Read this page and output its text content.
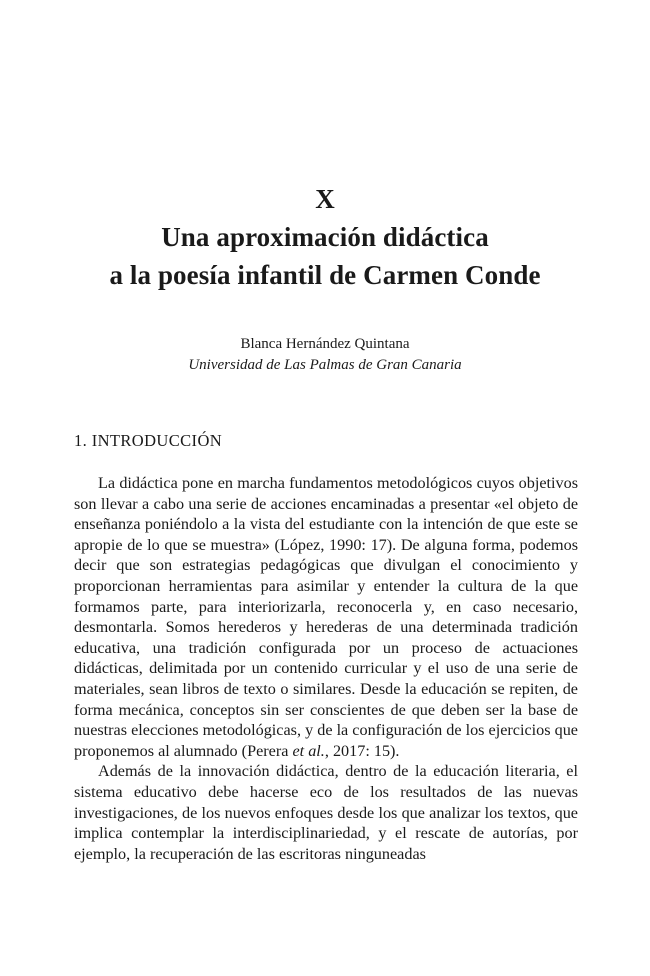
X
Una aproximación didáctica
a la poesía infantil de Carmen Conde
Blanca Hernández Quintana
Universidad de Las Palmas de Gran Canaria
1. INTRODUCCIÓN

La didáctica pone en marcha fundamentos metodológicos cuyos objetivos son llevar a cabo una serie de acciones encaminadas a presentar «el objeto de enseñanza poniéndolo a la vista del estudiante con la intención de que este se apropie de lo que se muestra» (López, 1990: 17). De alguna forma, podemos decir que son estrategias pedagógicas que divulgan el conocimiento y proporcionan herramientas para asimilar y entender la cultura de la que formamos parte, para interiorizarla, reconocerla y, en caso necesario, desmontarla. Somos herederos y herederas de una determinada tradición educativa, una tradición configurada por un proceso de actuaciones didácticas, delimitada por un contenido curricular y el uso de una serie de materiales, sean libros de texto o similares. Desde la educación se repiten, de forma mecánica, conceptos sin ser conscientes de que deben ser la base de nuestras elecciones metodológicas, y de la configuración de los ejercicios que proponemos al alumnado (Perera et al., 2017: 15).

Además de la innovación didáctica, dentro de la educación literaria, el sistema educativo debe hacerse eco de los resultados de las nuevas investigaciones, de los nuevos enfoques desde los que analizar los textos, que implica contemplar la interdisciplinariedad, y el rescate de autorías, por ejemplo, la recuperación de las escritoras ninguneadas
